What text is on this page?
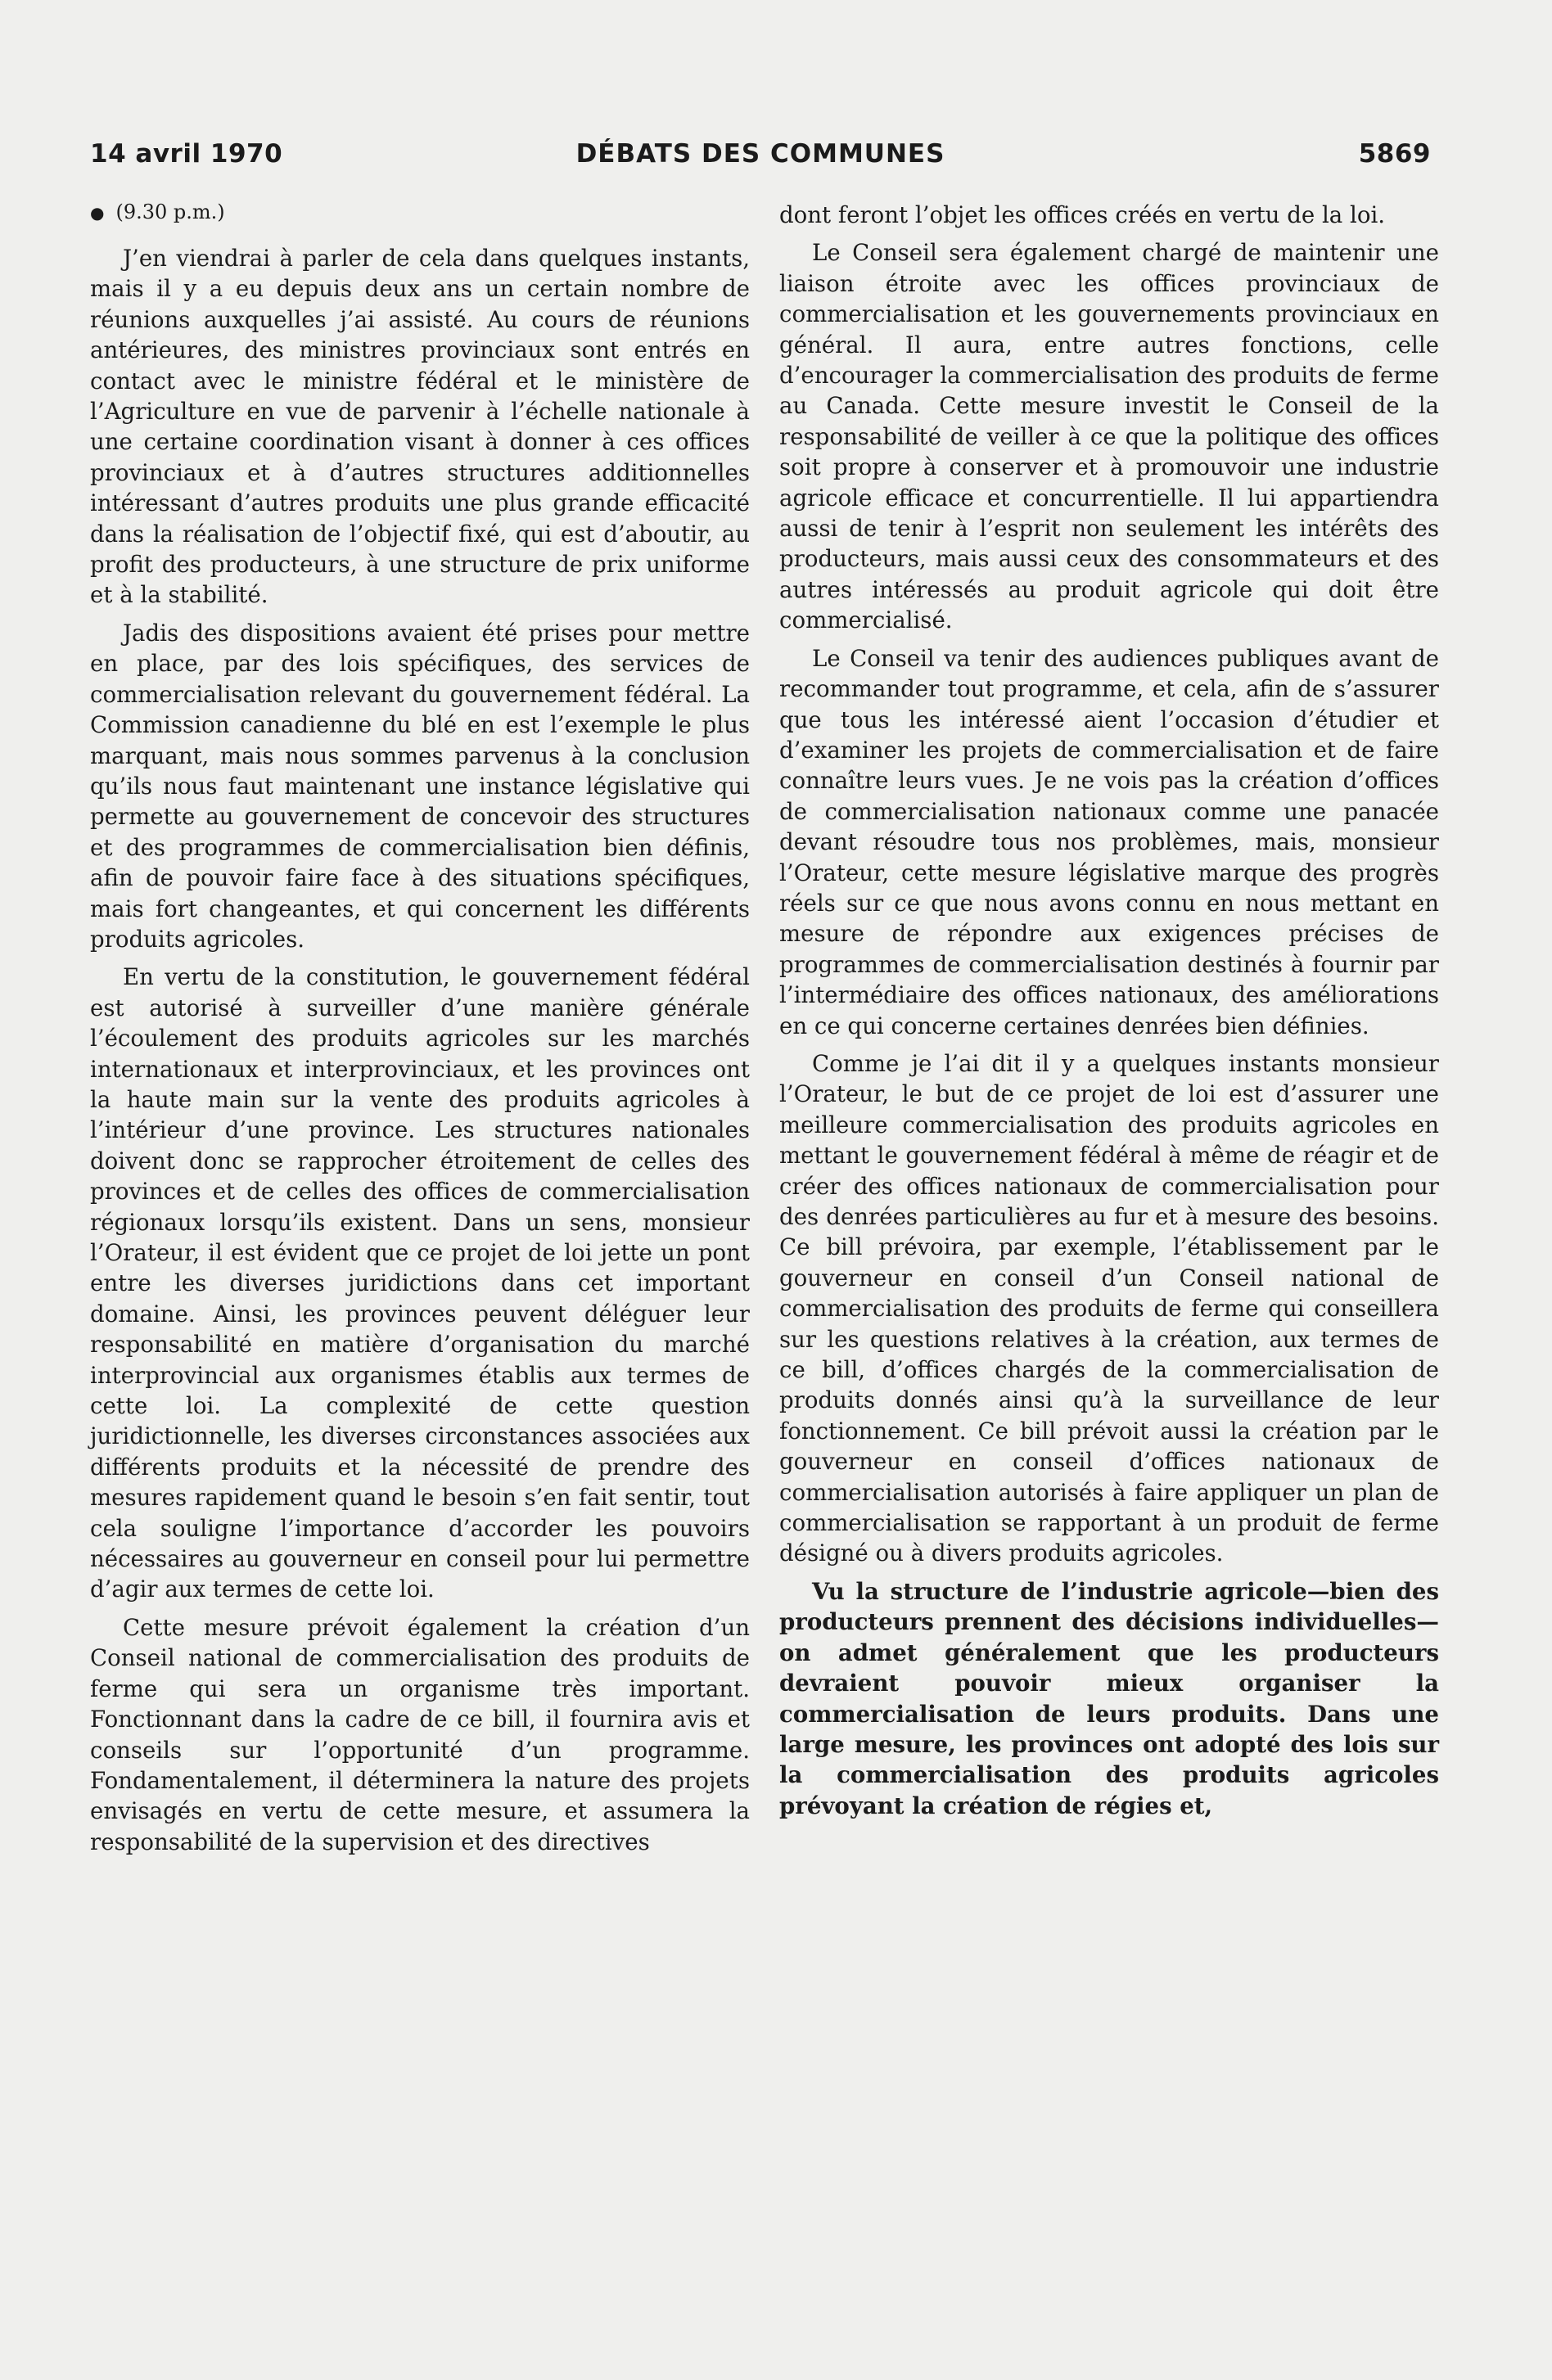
14 avril 1970	DÉBATS DES COMMUNES	5869
● (9.30 p.m.)

J’en viendrai à parler de cela dans quelques instants, mais il y a eu depuis deux ans un certain nombre de réunions auxquelles j’ai assisté. Au cours de réunions antérieures, des ministres provinciaux sont entrés en contact avec le ministre fédéral et le ministère de l’Agriculture en vue de parvenir à l’échelle nationale à une certaine coordination visant à donner à ces offices provinciaux et à d’autres structures additionnelles intéressant d’autres produits une plus grande efficacité dans la réalisation de l’objectif fixé, qui est d’aboutir, au profit des producteurs, à une structure de prix uniforme et à la stabilité.

Jadis des dispositions avaient été prises pour mettre en place, par des lois spécifiques, des services de commercialisation relevant du gouvernement fédéral. La Commission canadienne du blé en est l’exemple le plus marquant, mais nous sommes parvenus à la conclusion qu’ils nous faut maintenant une instance législative qui permette au gouvernement de concevoir des structures et des programmes de commercialisation bien définis, afin de pouvoir faire face à des situations spécifiques, mais fort changeantes, et qui concernent les différents produits agricoles.

En vertu de la constitution, le gouvernement fédéral est autorisé à surveiller d’une manière générale l’écoulement des produits agricoles sur les marchés internationaux et interprovinciaux, et les provinces ont la haute main sur la vente des produits agricoles à l’intérieur d’une province. Les structures nationales doivent donc se rapprocher étroitement de celles des provinces et de celles des offices de commercialisation régionaux lorsqu’ils existent. Dans un sens, monsieur l’Orateur, il est évident que ce projet de loi jette un pont entre les diverses juridictions dans cet important domaine. Ainsi, les provinces peuvent déléguer leur responsabilité en matière d’organisation du marché interprovincial aux organismes établis aux termes de cette loi. La complexité de cette question juridictionnelle, les diverses circonstances associées aux différents produits et la nécessité de prendre des mesures rapidement quand le besoin s’en fait sentir, tout cela souligne l’importance d’accorder les pouvoirs nécessaires au gouverneur en conseil pour lui permettre d’agir aux termes de cette loi.

Cette mesure prévoit également la création d’un Conseil national de commercialisation des produits de ferme qui sera un organisme très important. Fonctionnant dans la cadre de ce bill, il fournira avis et conseils sur l’opportunité d’un programme. Fondamentalement, il déterminera la nature des projets envisagés en vertu de cette mesure, et assumera la responsabilité de la supervision et des directives

dont feront l’objet les offices créés en vertu de la loi.

Le Conseil sera également chargé de maintenir une liaison étroite avec les offices provinciaux de commercialisation et les gouvernements provinciaux en général. Il aura, entre autres fonctions, celle d’encourager la commercialisation des produits de ferme au Canada. Cette mesure investit le Conseil de la responsabilité de veiller à ce que la politique des offices soit propre à conserver et à promouvoir une industrie agricole efficace et concurrentielle. Il lui appartiendra aussi de tenir à l’esprit non seulement les intérêts des producteurs, mais aussi ceux des consommateurs et des autres intéressés au produit agricole qui doit être commercialisé.

Le Conseil va tenir des audiences publiques avant de recommander tout programme, et cela, afin de s’assurer que tous les intéressé aient l’occasion d’étudier et d’examiner les projets de commercialisation et de faire connaître leurs vues. Je ne vois pas la création d’offices de commercialisation nationaux comme une panacée devant résoudre tous nos problèmes, mais, monsieur l’Orateur, cette mesure législative marque des progrès réels sur ce que nous avons connu en nous mettant en mesure de répondre aux exigences précises de programmes de commercialisation destinés à fournir par l’intermédiaire des offices nationaux, des améliorations en ce qui concerne certaines denrées bien définies.

Comme je l’ai dit il y a quelques instants monsieur l’Orateur, le but de ce projet de loi est d’assurer une meilleure commercialisation des produits agricoles en mettant le gouvernement fédéral à même de réagir et de créer des offices nationaux de commercialisation pour des denrées particulières au fur et à mesure des besoins. Ce bill prévoira, par exemple, l’établissement par le gouverneur en conseil d’un Conseil national de commercialisation des produits de ferme qui conseillera sur les questions relatives à la création, aux termes de ce bill, d’offices chargés de la commercialisation de produits donnés ainsi qu’à la surveillance de leur fonctionnement. Ce bill prévoit aussi la création par le gouverneur en conseil d’offices nationaux de commercialisation autorisés à faire appliquer un plan de commercialisation se rapportant à un produit de ferme désigné ou à divers produits agricoles.

Vu la structure de l’industrie agricole—bien des producteurs prennent des décisions individuelles—on admet généralement que les producteurs devraient pouvoir mieux organiser la commercialisation de leurs produits. Dans une large mesure, les provinces ont adopté des lois sur la commercialisation des produits agricoles prévoyant la création de régies et,
